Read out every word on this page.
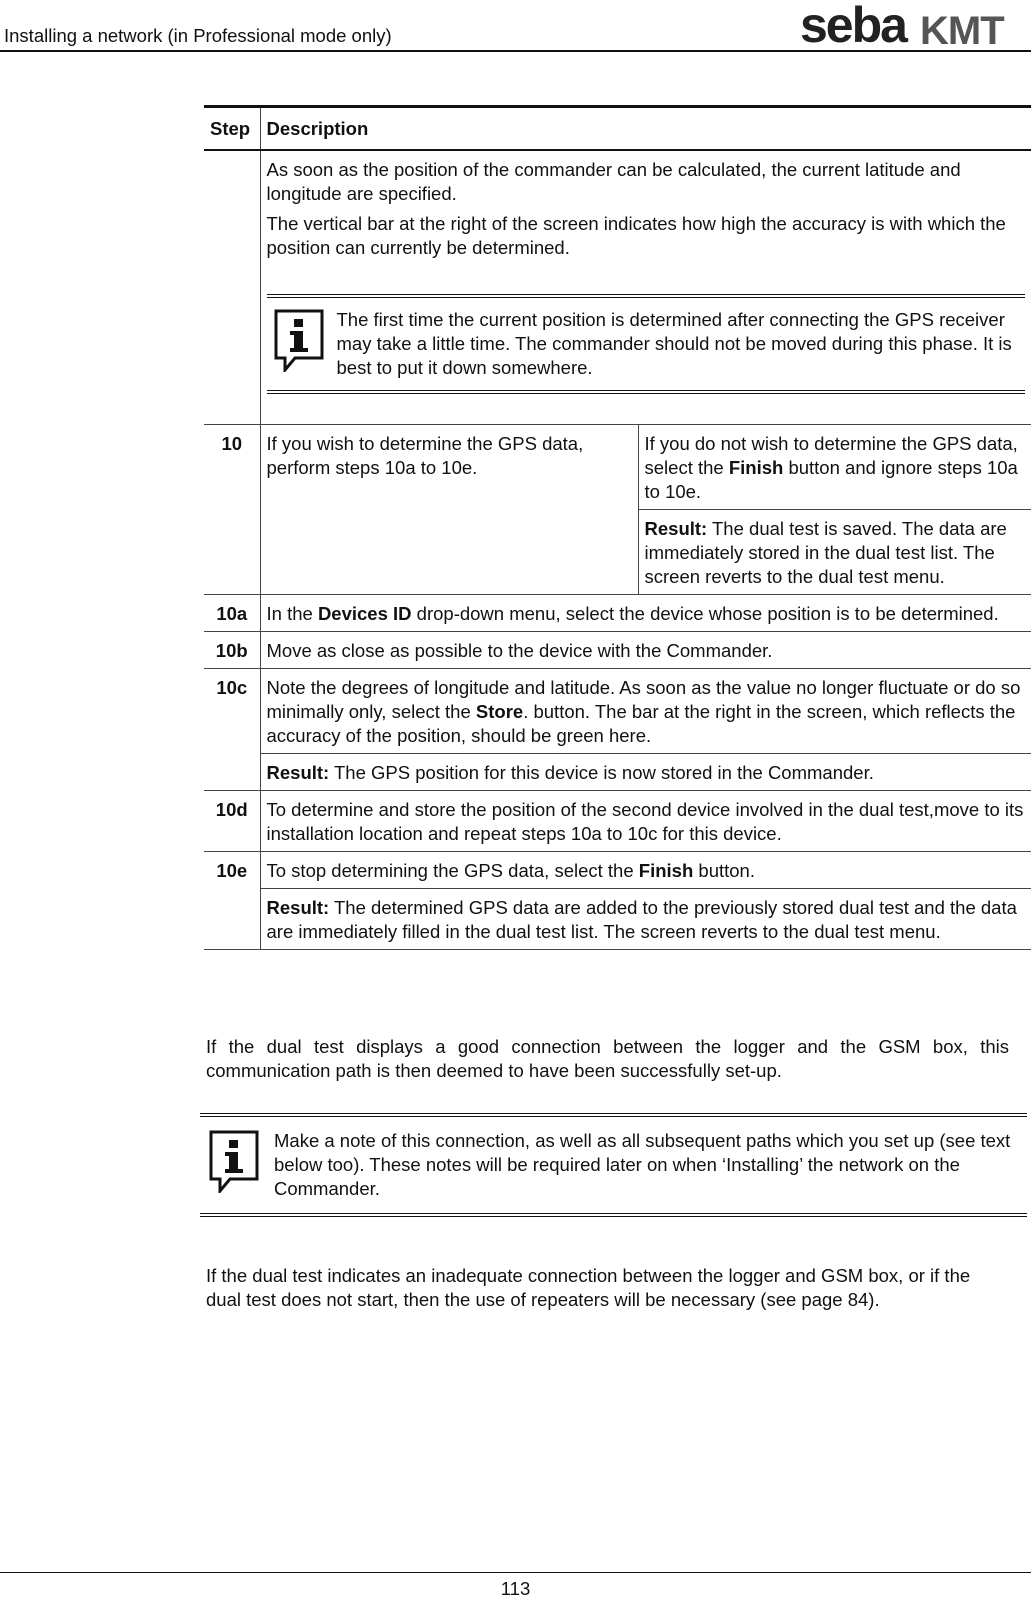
Installing a network (in Professional mode only)	seba KMT
Step	Description	

	As soon as the position of the commander can be calculated, the current latitude and longitude are specified.

The vertical bar at the right of the screen indicates how high the accuracy is with which the position can currently be determined.

The first time the current position is determined after connecting the GPS receiver may take a little time. The commander should not be moved during this phase. It is best to put it down somewhere.	

10	If you wish to determine the GPS data, perform steps 10a to 10e.	If you do not wish to determine the GPS data, select the Finish button and ignore steps 10a to 10e.
		Result: The dual test is saved. The data are immediately stored in the dual test list. The screen reverts to the dual test menu.
10a	In the Devices ID drop-down menu, select the device whose position is to be determined.	
10b	Move as close as possible to the device with the Commander.	
10c	Note the degrees of longitude and latitude. As soon as the value no longer fluctuate or do so minimally only, select the Store. button. The bar at the right in the screen, which reflects the accuracy of the position, should be green here.	
	Result: The GPS position for this device is now stored in the Commander.	
10d	To determine and store the position of the second device involved in the dual test,move to its installation location and repeat steps 10a to 10c for this device.	
10e	To stop determining the GPS data, select the Finish button.	
	Result: The determined GPS data are added to the previously stored dual test and the data are immediately filled in the dual test list. The screen reverts to the dual test menu.	

If the dual test displays a good connection between the logger and the GSM box, this communication path is then deemed to have been successfully set-up.

Make a note of this connection, as well as all subsequent paths which you set up (see text below too). These notes will be required later on when ‘Installing’ the network on the Commander.

If the dual test indicates an inadequate connection between the logger and GSM box, or if the dual test does not start, then the use of repeaters will be necessary (see page 84).

113
